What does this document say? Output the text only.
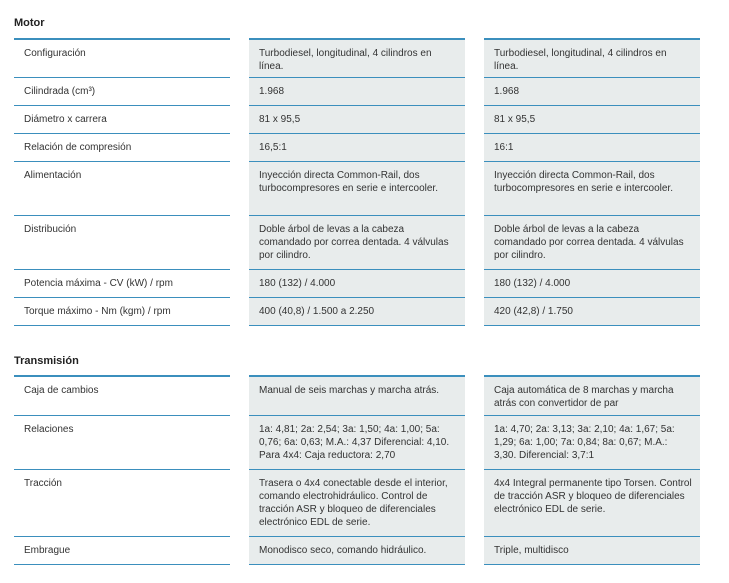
Motor
Configuración		Turbodiesel, longitudinal, 4 cilindros en línea.		Turbodiesel, longitudinal, 4 cilindros en línea.
Cilindrada (cm³)		1.968		1.968
Diámetro x carrera		81 x 95,5		81 x 95,5
Relación de compresión		16,5:1		16:1
Alimentación		Inyección directa Common-Rail, dos turbocompresores en serie e intercooler.		Inyección directa Common-Rail, dos turbocompresores en serie e intercooler.
Distribución		Doble árbol de levas a la cabeza comandado por correa dentada. 4 válvulas por cilindro.		Doble árbol de levas a la cabeza comandado por correa dentada. 4 válvulas por cilindro.
Potencia máxima - CV (kW) / rpm		180 (132) / 4.000		180 (132) / 4.000
Torque máximo - Nm (kgm) / rpm		400 (40,8) / 1.500 a 2.250		420 (42,8) / 1.750
Transmisión
Caja de cambios		Manual de seis marchas y marcha atrás.		Caja automática de 8 marchas y marcha atrás con convertidor de par
Relaciones		1a: 4,81; 2a: 2,54; 3a: 1,50; 4a: 1,00; 5a: 0,76; 6a: 0,63; M.A.: 4,37 Diferencial: 4,10. Para 4x4: Caja reductora: 2,70		1a: 4,70; 2a: 3,13; 3a: 2,10; 4a: 1,67; 5a: 1,29; 6a: 1,00; 7a: 0,84; 8a: 0,67; M.A.: 3,30. Diferencial: 3,7:1
Tracción		Trasera o 4x4 conectable desde el interior, comando electrohidráulico. Control de tracción ASR y bloqueo de diferenciales electrónico EDL de serie.		4x4 Integral permanente tipo Torsen. Control de tracción ASR y bloqueo de diferenciales electrónico EDL de serie.
Embrague		Monodisco seco, comando hidráulico.		Triple, multidisco
